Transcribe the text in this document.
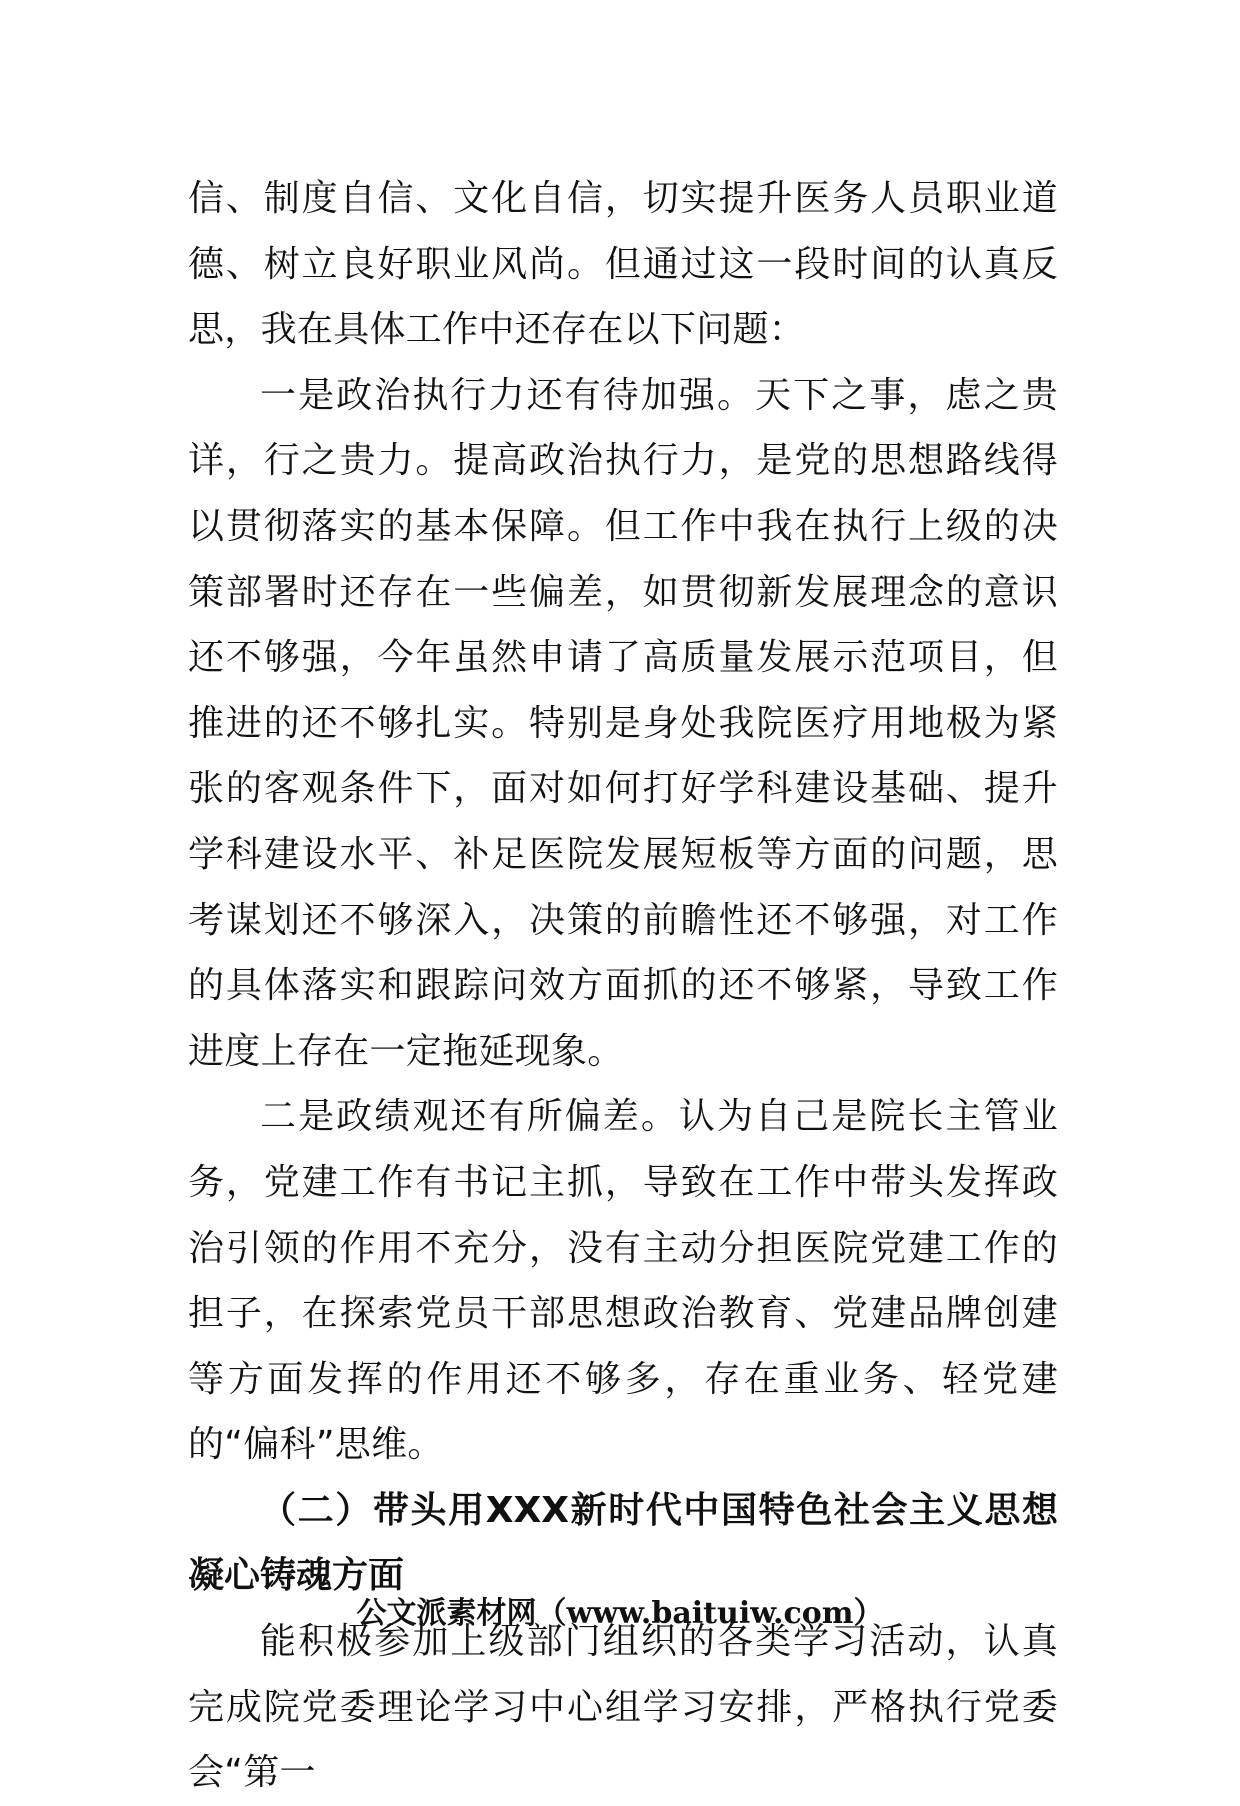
信、制度自信、文化自信，切实提升医务人员职业道德、树立良好职业风尚。但通过这一段时间的认真反思，我在具体工作中还存在以下问题：

一是政治执行力还有待加强。天下之事，虑之贵详，行之贵力。提高政治执行力，是党的思想路线得以贯彻落实的基本保障。但工作中我在执行上级的决策部署时还存在一些偏差，如贯彻新发展理念的意识还不够强，今年虽然申请了高质量发展示范项目，但推进的还不够扎实。特别是身处我院医疗用地极为紧张的客观条件下，面对如何打好学科建设基础、提升学科建设水平、补足医院发展短板等方面的问题，思考谋划还不够深入，决策的前瞻性还不够强，对工作的具体落实和跟踪问效方面抓的还不够紧，导致工作进度上存在一定拖延现象。

二是政绩观还有所偏差。认为自己是院长主管业务，党建工作有书记主抓，导致在工作中带头发挥政治引领的作用不充分，没有主动分担医院党建工作的担子，在探索党员干部思想政治教育、党建品牌创建等方面发挥的作用还不够多，存在重业务、轻党建的“偏科”思维。

（二）带头用XXX新时代中国特色社会主义思想凝心铸魂方面

能积极参加上级部门组织的各类学习活动，认真完成院党委理论学习中心组学习安排，严格执行党委会“第一

公文派素材网（www.baituiw.com）
